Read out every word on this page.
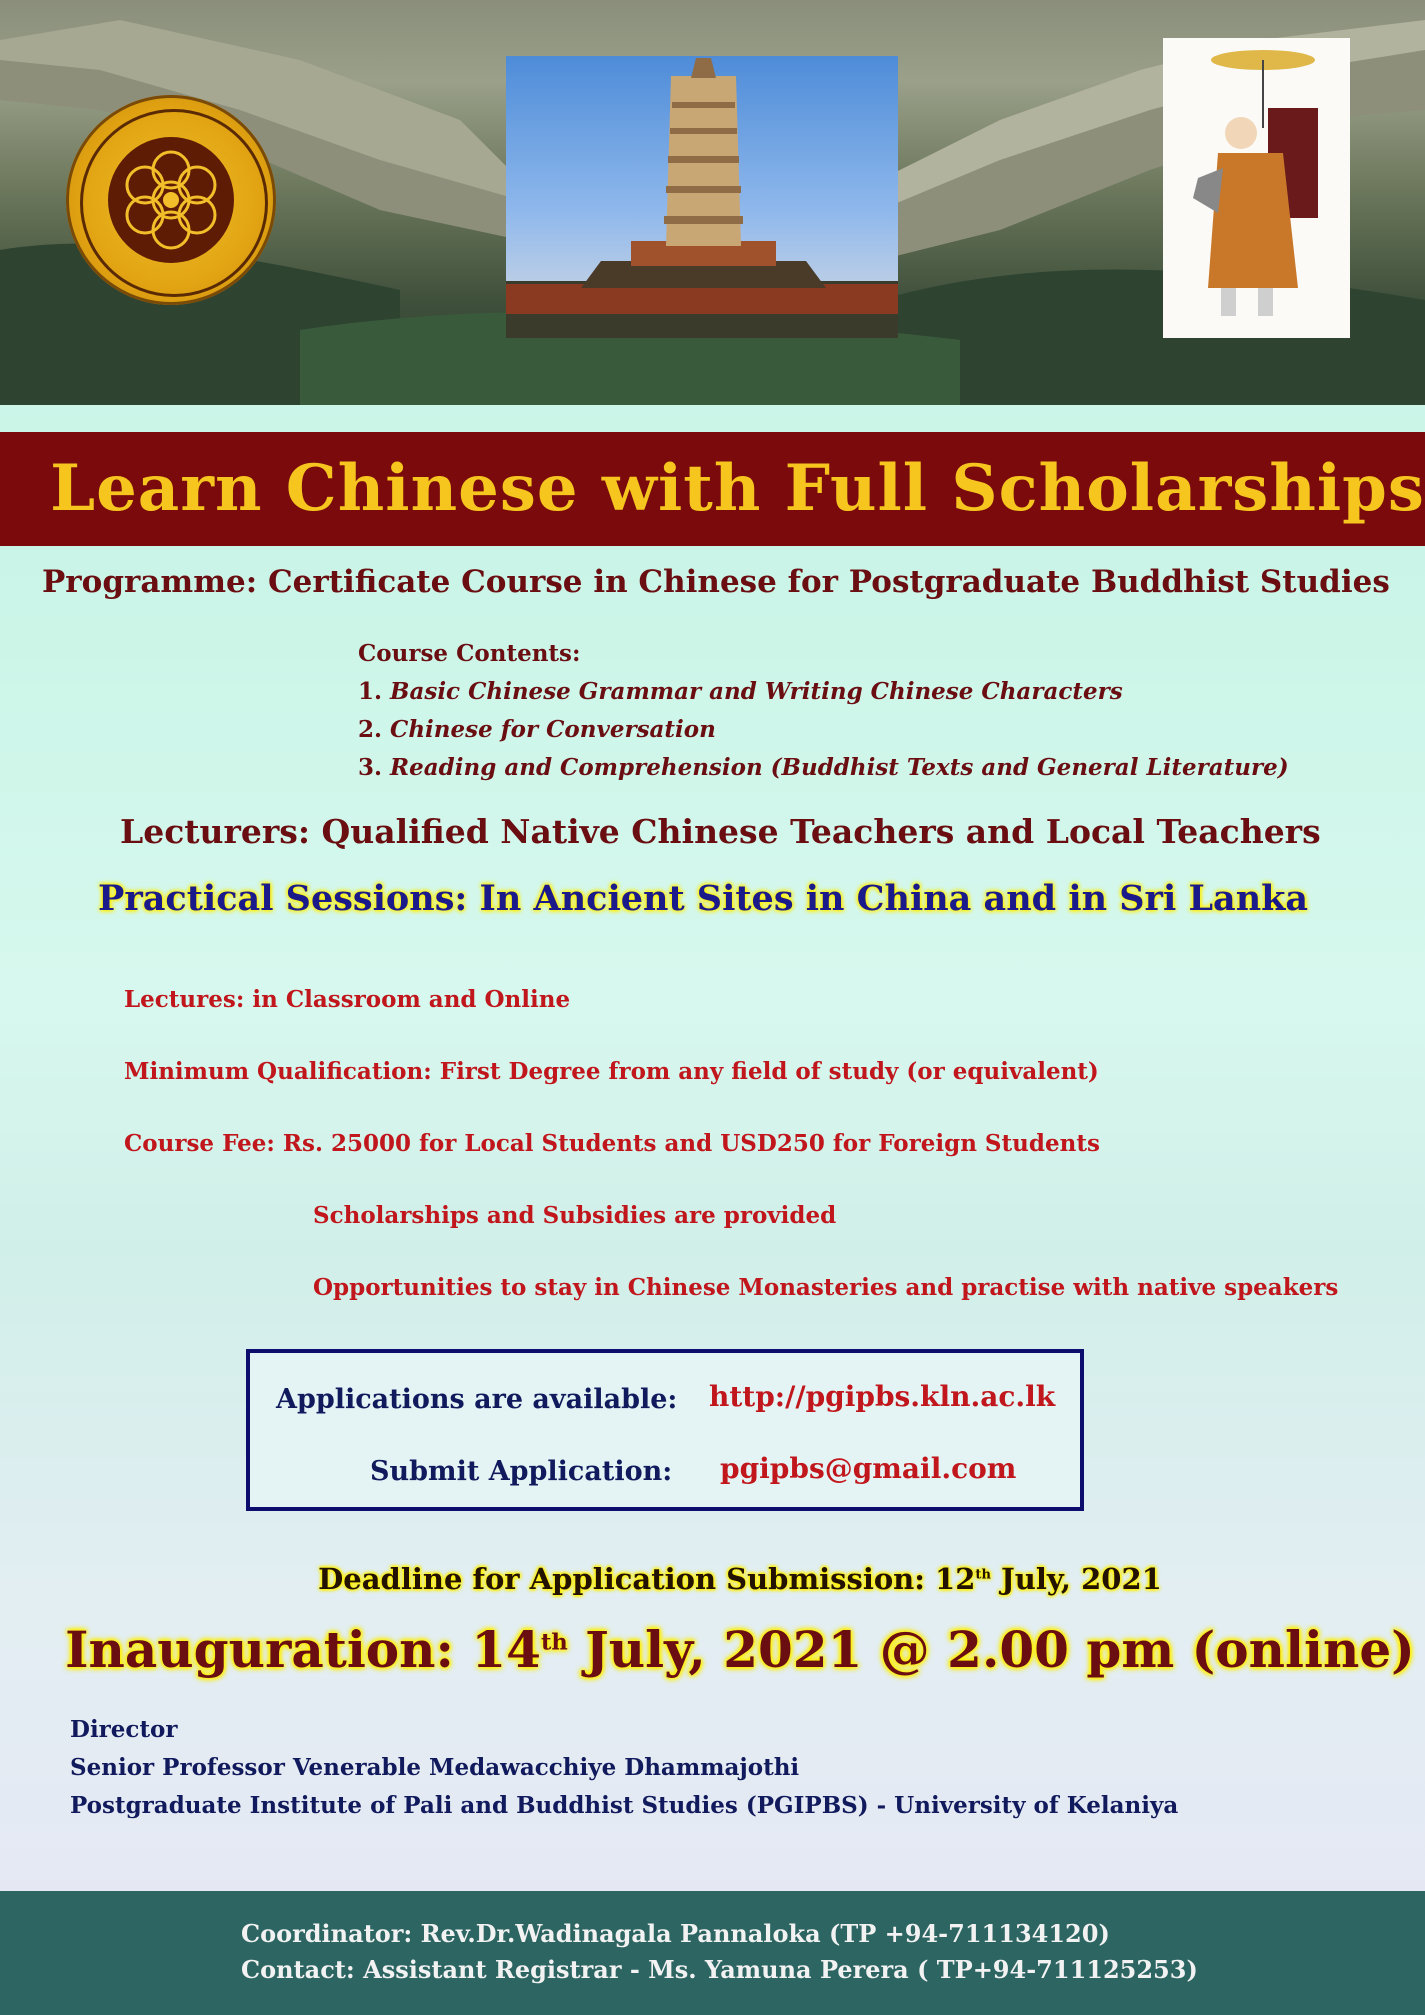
Learn Chinese with Full Scholarships
Programme: Certificate Course in Chinese for Postgraduate Buddhist Studies
Course Contents:
1. Basic Chinese Grammar and Writing Chinese Characters
2. Chinese for Conversation
3. Reading and Comprehension (Buddhist Texts and General Literature)
Lecturers: Qualified Native Chinese Teachers and Local Teachers
Practical Sessions: In Ancient Sites in China and in Sri Lanka
Lectures: in Classroom and Online
Minimum Qualification: First Degree from any field of study (or equivalent)
Course Fee: Rs. 25000 for Local Students and USD250 for Foreign Students
Scholarships and Subsidies are provided
Opportunities to stay in Chinese Monasteries and practise with native speakers
Applications are available: http://pgipbs.kln.ac.lk
Submit Application: pgipbs@gmail.com
Deadline for Application Submission: 12th July, 2021
Inauguration: 14th July, 2021 @ 2.00 pm (online)
Director
Senior Professor Venerable Medawacchiye Dhammajothi
Postgraduate Institute of Pali and Buddhist Studies (PGIPBS) - University of Kelaniya
Coordinator: Rev.Dr.Wadinagala Pannaloka (TP +94-711134120)
Contact: Assistant Registrar - Ms. Yamuna Perera ( TP+94-711125253)
